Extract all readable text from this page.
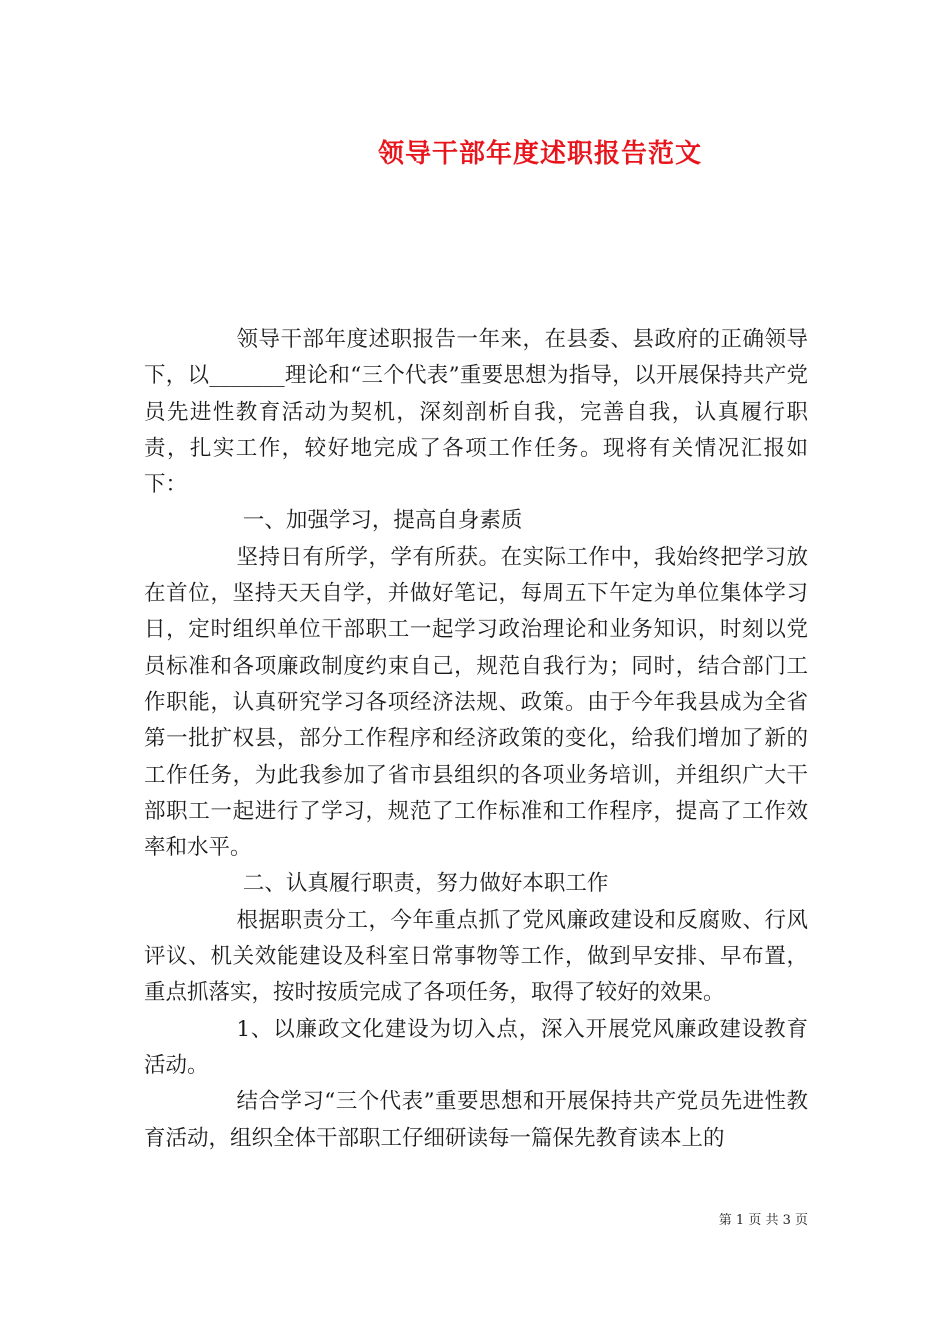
领导干部年度述职报告范文

领导干部年度述职报告一年来，在县委、县政府的正确领导下，以_______理论和“三个代表”重要思想为指导，以开展保持共产党员先进性教育活动为契机，深刻剖析自我，完善自我，认真履行职责，扎实工作，较好地完成了各项工作任务。现将有关情况汇报如下：

一、加强学习，提高自身素质

坚持日有所学，学有所获。在实际工作中，我始终把学习放在首位，坚持天天自学，并做好笔记，每周五下午定为单位集体学习日，定时组织单位干部职工一起学习政治理论和业务知识，时刻以党员标准和各项廉政制度约束自己，规范自我行为；同时，结合部门工作职能，认真研究学习各项经济法规、政策。由于今年我县成为全省第一批扩权县，部分工作程序和经济政策的变化，给我们增加了新的工作任务，为此我参加了省市县组织的各项业务培训，并组织广大干部职工一起进行了学习，规范了工作标准和工作程序，提高了工作效率和水平。

二、认真履行职责，努力做好本职工作

根据职责分工，今年重点抓了党风廉政建设和反腐败、行风评议、机关效能建设及科室日常事物等工作，做到早安排、早布置，重点抓落实，按时按质完成了各项任务，取得了较好的效果。

1、以廉政文化建设为切入点，深入开展党风廉政建设教育活动。

结合学习“三个代表”重要思想和开展保持共产党员先进性教育活动，组织全体干部职工仔细研读每一篇保先教育读本上的

第 1 页 共 3 页
